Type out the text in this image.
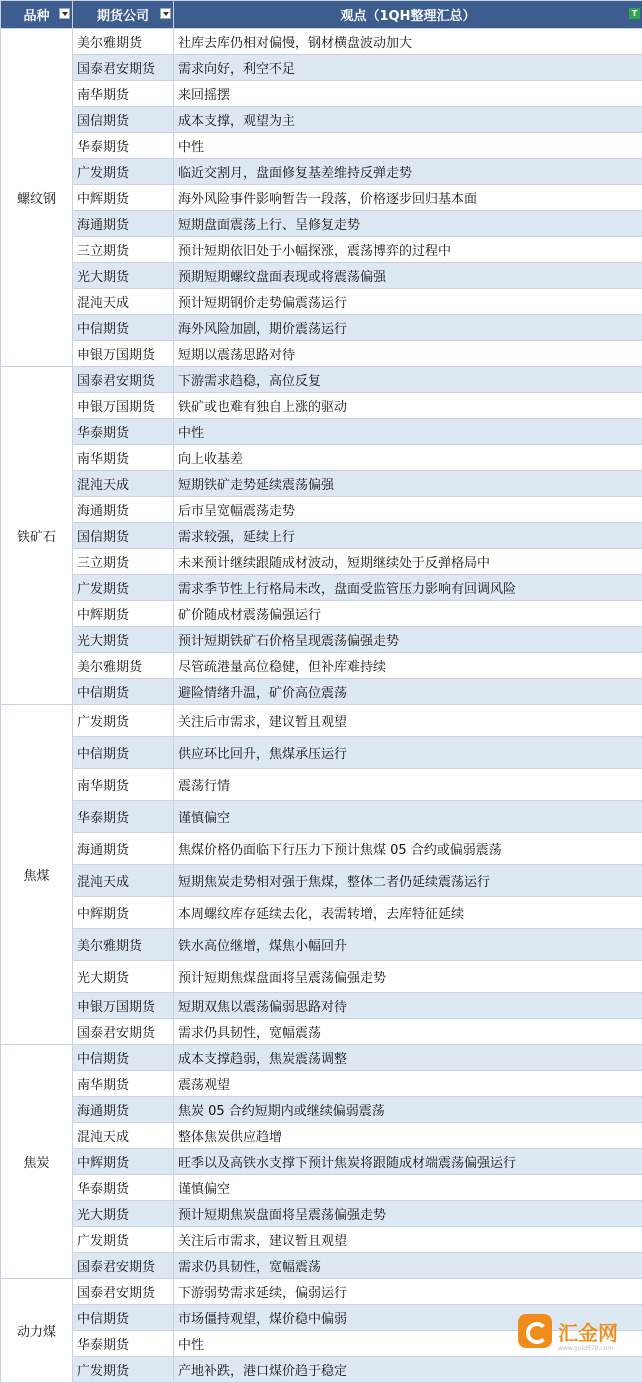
品种	期货公司	观点（1QH整理汇总） T

螺纹钢	美尔雅期货	社库去库仍相对偏慢，钢材横盘波动加大
	国泰君安期货	需求向好，利空不足
	南华期货	来回摇摆
	国信期货	成本支撑，观望为主
	华泰期货	中性
	广发期货	临近交割月，盘面修复基差维持反弹走势
	中辉期货	海外风险事件影响暂告一段落，价格逐步回归基本面
	海通期货	短期盘面震荡上行、呈修复走势
	三立期货	预计短期依旧处于小幅探涨，震荡博弈的过程中
	光大期货	预期短期螺纹盘面表现或将震荡偏强
	混沌天成	预计短期钢价走势偏震荡运行
	中信期货	海外风险加剧，期价震荡运行
	申银万国期货	短期以震荡思路对待
铁矿石	国泰君安期货	下游需求趋稳，高位反复
	申银万国期货	铁矿或也难有独自上涨的驱动
	华泰期货	中性
	南华期货	向上收基差
	混沌天成	短期铁矿走势延续震荡偏强
	海通期货	后市呈宽幅震荡走势
	国信期货	需求较强，延续上行
	三立期货	未来预计继续跟随成材波动，短期继续处于反弹格局中
	广发期货	需求季节性上行格局未改，盘面受监管压力影响有回调风险
	中辉期货	矿价随成材震荡偏强运行
	光大期货	预计短期铁矿石价格呈现震荡偏强走势
	美尔雅期货	尽管疏港量高位稳健，但补库难持续
	中信期货	避险情绪升温，矿价高位震荡
焦煤	广发期货	关注后市需求，建议暂且观望
	中信期货	供应环比回升，焦煤承压运行
	南华期货	震荡行情
	华泰期货	谨慎偏空
	海通期货	焦煤价格仍面临下行压力下预计焦煤 05 合约或偏弱震荡
	混沌天成	短期焦炭走势相对强于焦煤，整体二者仍延续震荡运行
	中辉期货	本周螺纹库存延续去化，表需转增，去库特征延续
	美尔雅期货	铁水高位继增，煤焦小幅回升
	光大期货	预计短期焦煤盘面将呈震荡偏强走势
	申银万国期货	短期双焦以震荡偏弱思路对待
	国泰君安期货	需求仍具韧性，宽幅震荡
焦炭	中信期货	成本支撑趋弱，焦炭震荡调整
	南华期货	震荡观望
	海通期货	焦炭 05 合约短期内或继续偏弱震荡
	混沌天成	整体焦炭供应趋增
	中辉期货	旺季以及高铁水支撑下预计焦炭将跟随成材端震荡偏强运行
	华泰期货	谨慎偏空
	光大期货	预计短期焦炭盘面将呈震荡偏强走势
	广发期货	关注后市需求，建议暂且观望
	国泰君安期货	需求仍具韧性，宽幅震荡
动力煤	国泰君安期货	下游弱势需求延续，偏弱运行
	中信期货	市场僵持观望，煤价稳中偏弱
	华泰期货	中性
	广发期货	产地补跌，港口煤价趋于稳定
汇金网
www.gold678.com
